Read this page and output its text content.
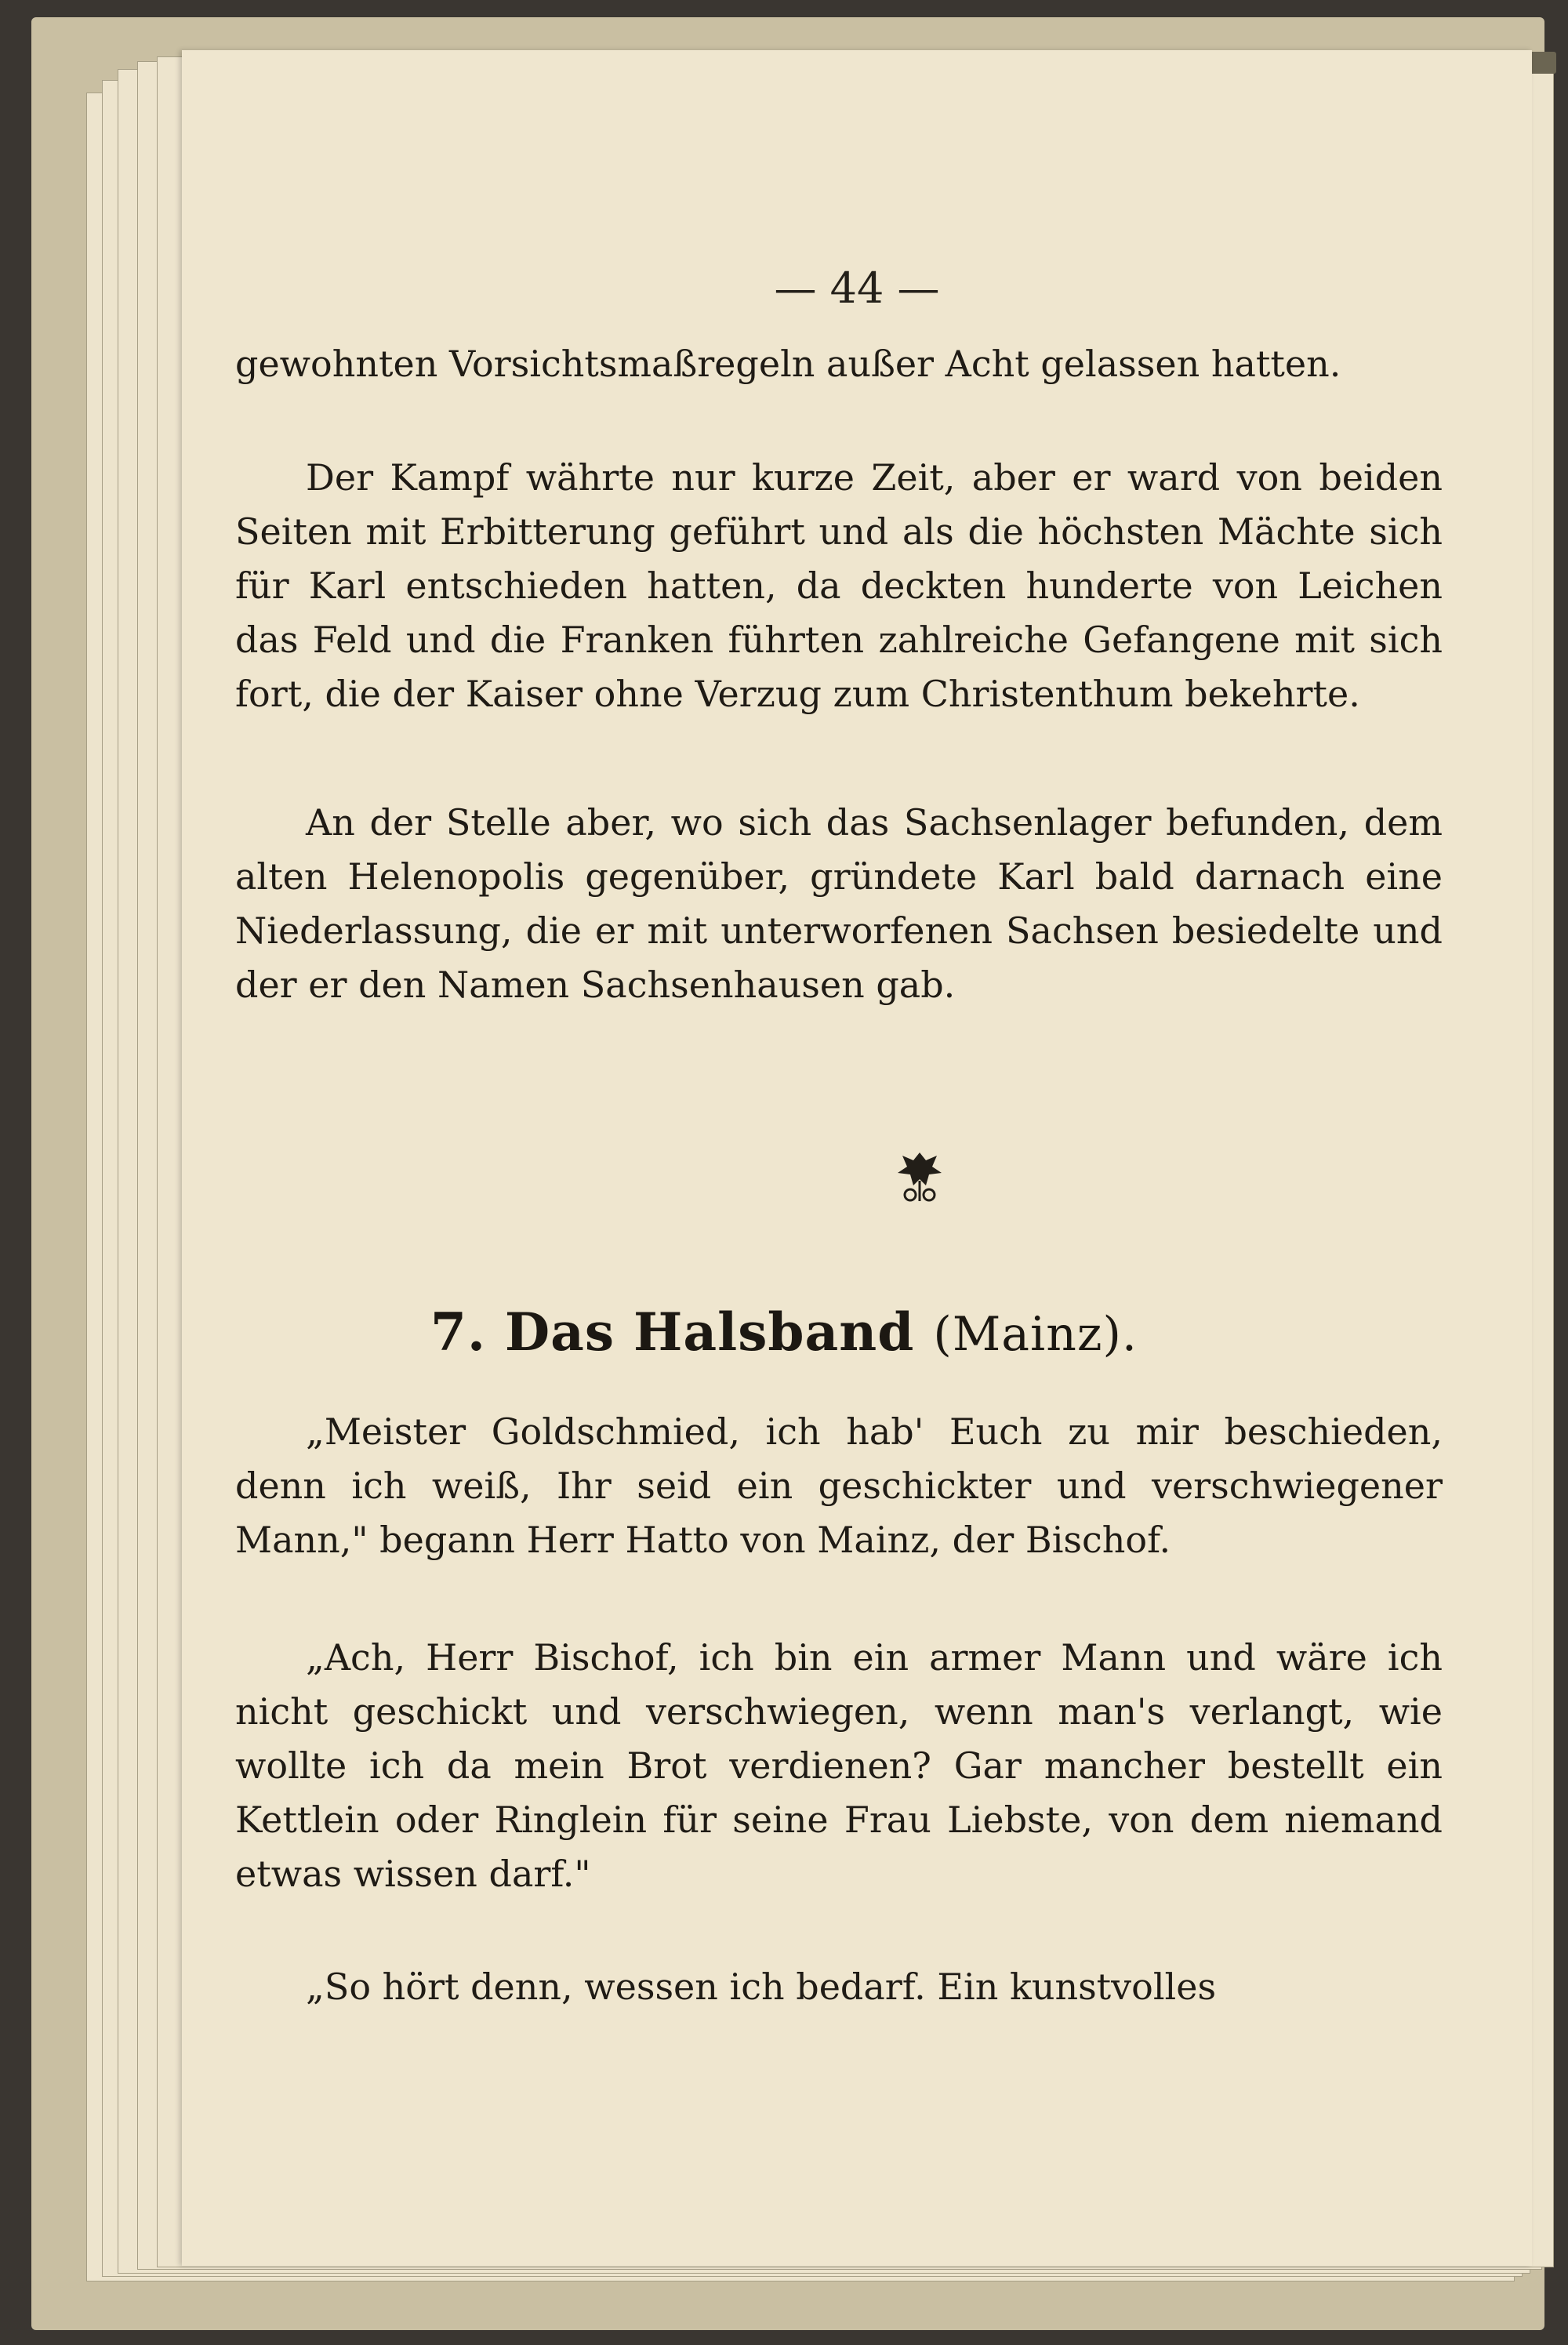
— 44 —

gewohnten Vorsichtsmaßregeln außer Acht gelassen hatten.

Der Kampf währte nur kurze Zeit, aber er ward von beiden Seiten mit Erbitterung geführt und als die höchsten Mächte sich für Karl entschieden hatten, da deckten hunderte von Leichen das Feld und die Franken führten zahlreiche Gefangene mit sich fort, die der Kaiser ohne Verzug zum Christenthum bekehrte.

An der Stelle aber, wo sich das Sachsenlager befunden, dem alten Helenopolis gegenüber, gründete Karl bald darnach eine Niederlassung, die er mit unterworfenen Sachsen besiedelte und der er den Namen Sachsenhausen gab.

7. Das Halsband (Mainz).

„Meister Goldschmied, ich hab' Euch zu mir beschieden, denn ich weiß, Ihr seid ein geschickter und verschwiegener Mann," begann Herr Hatto von Mainz, der Bischof.

„Ach, Herr Bischof, ich bin ein armer Mann und wäre ich nicht geschickt und verschwiegen, wenn man's verlangt, wie wollte ich da mein Brot verdienen? Gar mancher bestellt ein Kettlein oder Ringlein für seine Frau Liebste, von dem niemand etwas wissen darf."

„So hört denn, wessen ich bedarf. Ein kunstvolles
